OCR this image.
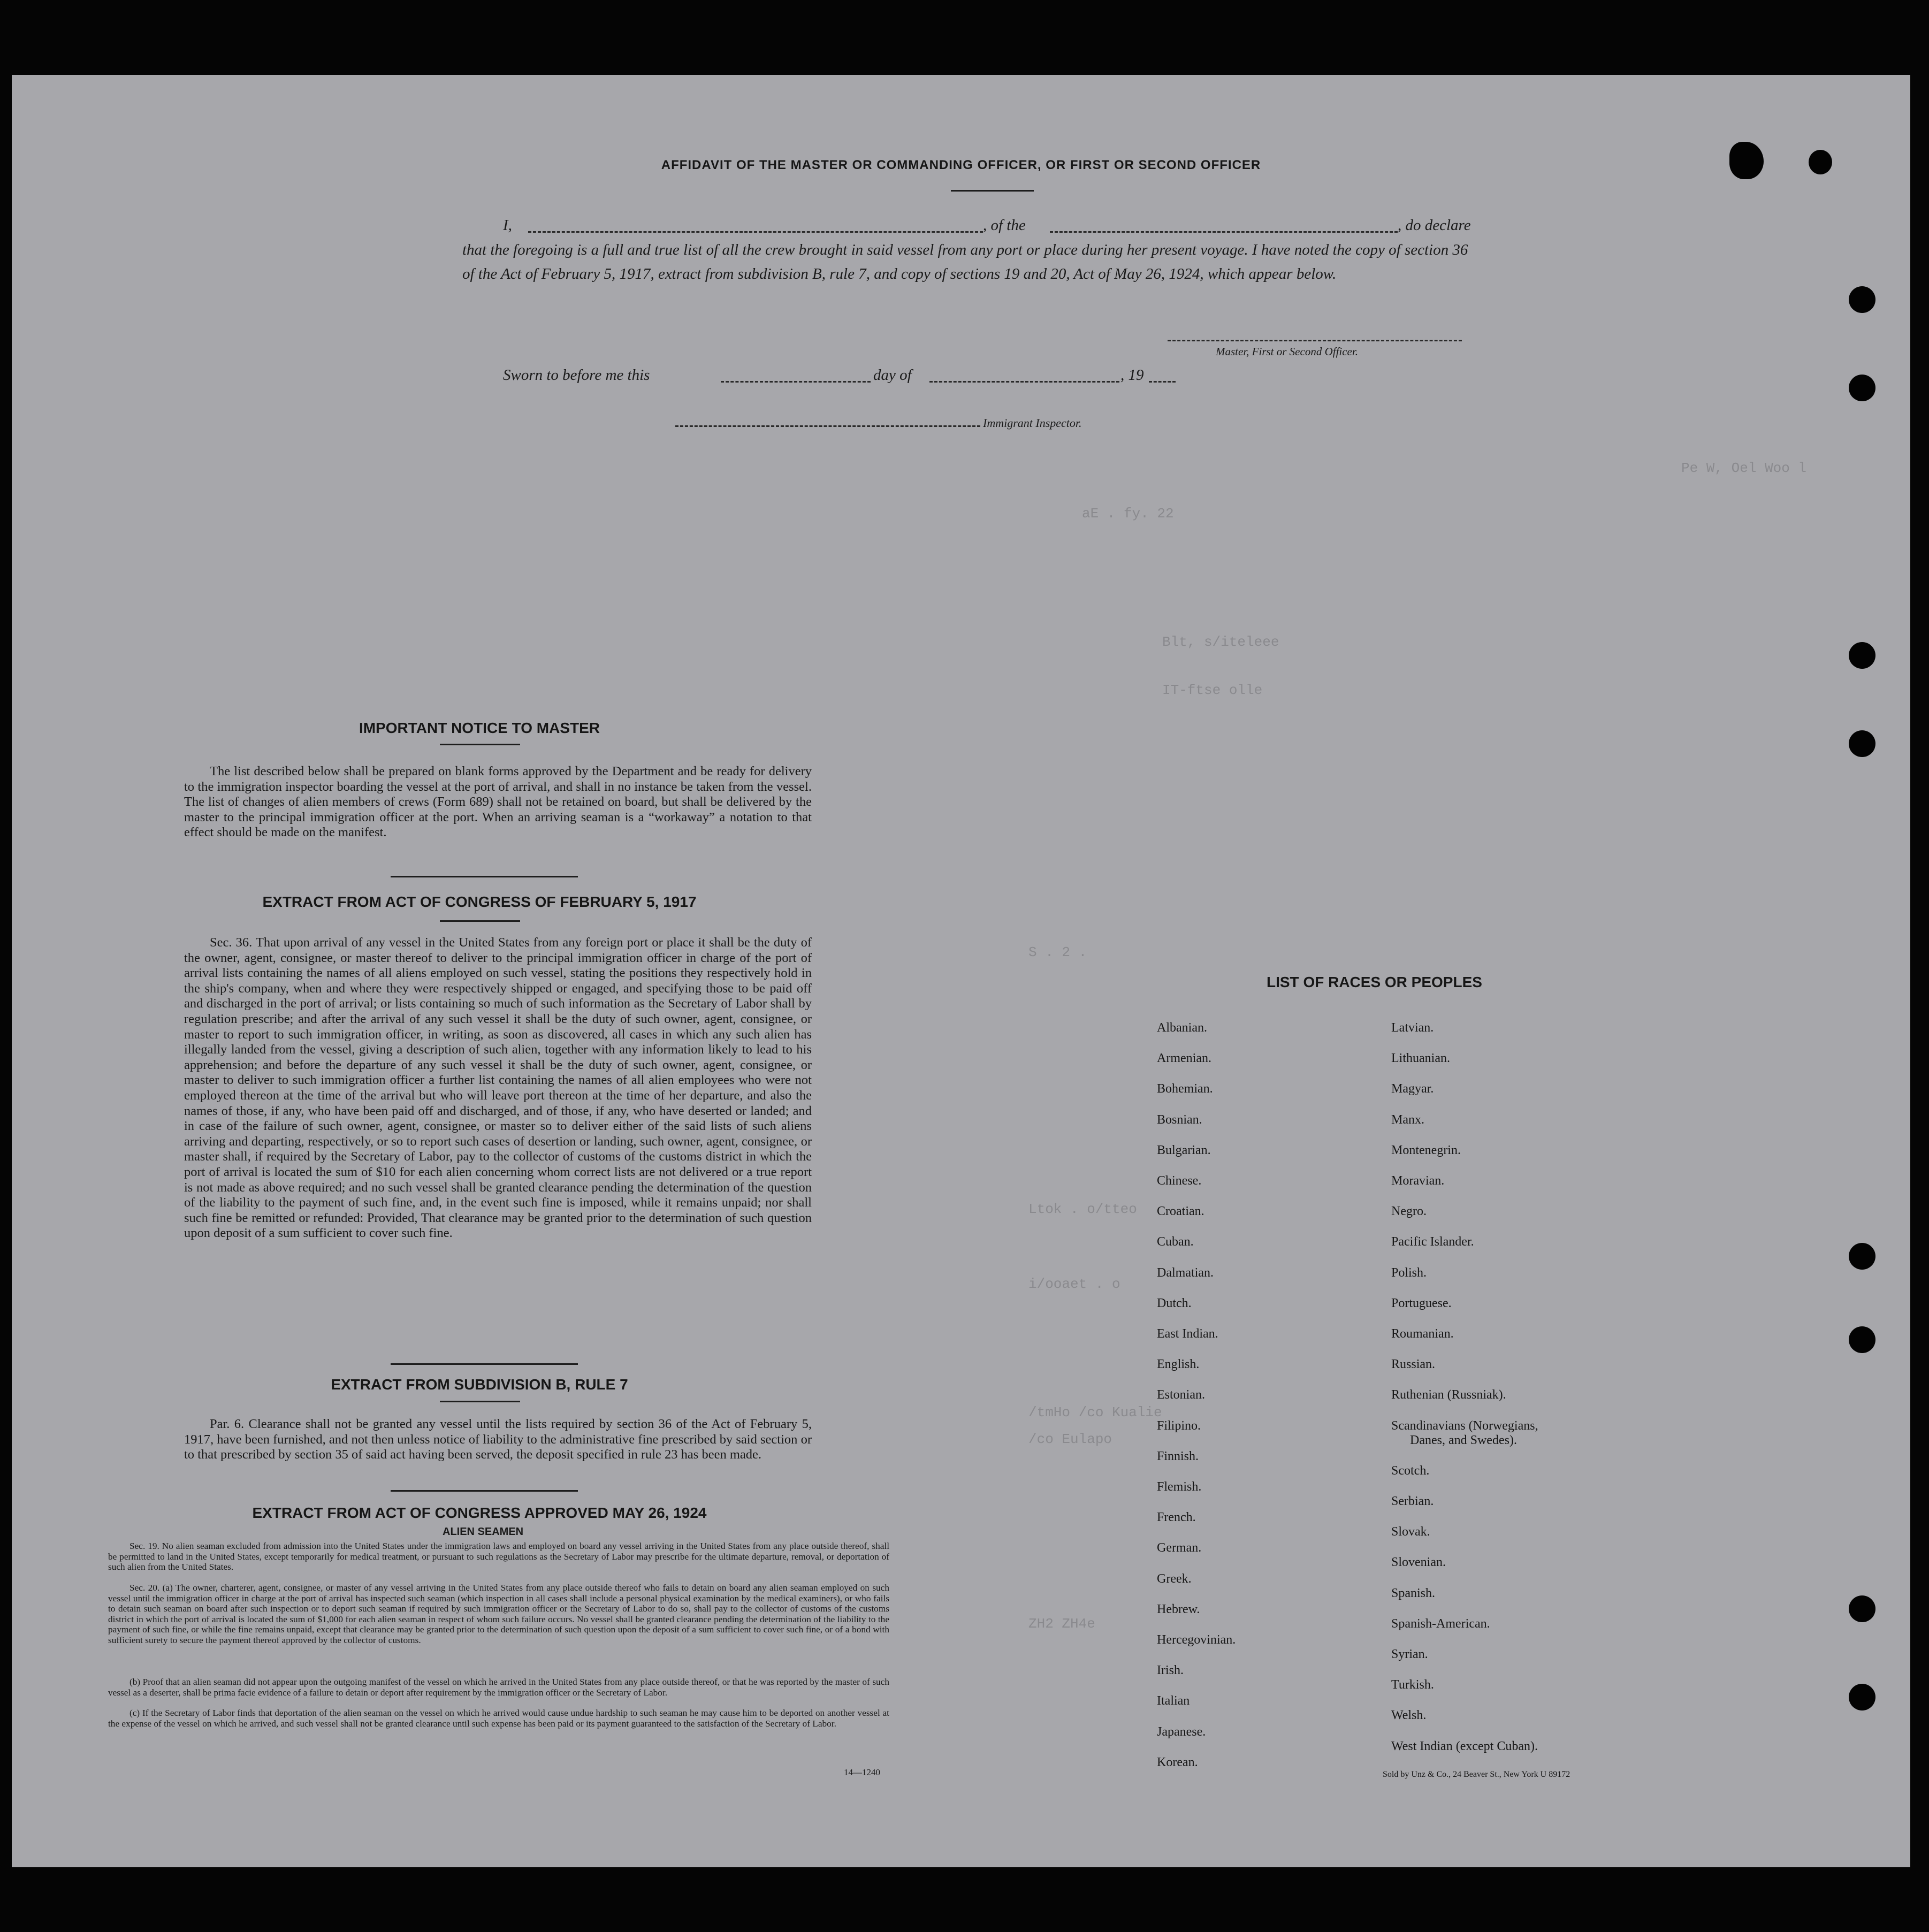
Pe W, Oel Woo l
aE . fy. 22
Blt, s/iteleee
IT-ftse olle
S . 2 .
Ltok . o/tteo
i/ooaet . o
/tmHo /co Kualie
/co Eulapo
ZH2 ZH4e
AFFIDAVIT OF THE MASTER OR COMMANDING OFFICER, OR FIRST OR SECOND OFFICER
I,	, of the	, do declare
that the foregoing is a full and true list of all the crew brought in said vessel from any port or place during her present voyage. I have noted the copy of section 36 of the Act of February 5, 1917, extract from subdivision B, rule 7, and copy of sections 19 and 20, Act of May 26, 1924, which appear below.
Master, First or Second Officer.
Sworn to before me this	day of	, 19
Immigrant Inspector.
IMPORTANT NOTICE TO MASTER
The list described below shall be prepared on blank forms approved by the Department and be ready for delivery to the immigration inspector boarding the vessel at the port of arrival, and shall in no instance be taken from the vessel. The list of changes of alien members of crews (Form 689) shall not be retained on board, but shall be delivered by the master to the principal immigration officer at the port. When an arriving seaman is a “workaway” a notation to that effect should be made on the manifest.
EXTRACT FROM ACT OF CONGRESS OF FEBRUARY 5, 1917
Sec. 36. That upon arrival of any vessel in the United States from any foreign port or place it shall be the duty of the owner, agent, consignee, or master thereof to deliver to the principal immigration officer in charge of the port of arrival lists containing the names of all aliens employed on such vessel, stating the positions they respectively hold in the ship's company, when and where they were respectively shipped or engaged, and specifying those to be paid off and discharged in the port of arrival; or lists containing so much of such information as the Secretary of Labor shall by regulation prescribe; and after the arrival of any such vessel it shall be the duty of such owner, agent, consignee, or master to report to such immigration officer, in writing, as soon as discovered, all cases in which any such alien has illegally landed from the vessel, giving a description of such alien, together with any information likely to lead to his apprehension; and before the departure of any such vessel it shall be the duty of such owner, agent, consignee, or master to deliver to such immigration officer a further list containing the names of all alien employees who were not employed thereon at the time of the arrival but who will leave port thereon at the time of her departure, and also the names of those, if any, who have been paid off and discharged, and of those, if any, who have deserted or landed; and in case of the failure of such owner, agent, consignee, or master so to deliver either of the said lists of such aliens arriving and departing, respectively, or so to report such cases of desertion or landing, such owner, agent, consignee, or master shall, if required by the Secretary of Labor, pay to the collector of customs of the customs district in which the port of arrival is located the sum of $10 for each alien concerning whom correct lists are not delivered or a true report is not made as above required; and no such vessel shall be granted clearance pending the determination of the question of the liability to the payment of such fine, and, in the event such fine is imposed, while it remains unpaid; nor shall such fine be remitted or refunded: Provided, That clearance may be granted prior to the determination of such question upon deposit of a sum sufficient to cover such fine.
EXTRACT FROM SUBDIVISION B, RULE 7
Par. 6. Clearance shall not be granted any vessel until the lists required by section 36 of the Act of February 5, 1917, have been furnished, and not then unless notice of liability to the administrative fine prescribed by said section or to that prescribed by section 35 of said act having been served, the deposit specified in rule 23 has been made.
EXTRACT FROM ACT OF CONGRESS APPROVED MAY 26, 1924
ALIEN SEAMEN
Sec. 19. No alien seaman excluded from admission into the United States under the immigration laws and employed on board any vessel arriving in the United States from any place outside thereof, shall be permitted to land in the United States, except temporarily for medical treatment, or pursuant to such regulations as the Secretary of Labor may prescribe for the ultimate departure, removal, or deportation of such alien from the United States.
Sec. 20. (a) The owner, charterer, agent, consignee, or master of any vessel arriving in the United States from any place outside thereof who fails to detain on board any alien seaman employed on such vessel until the immigration officer in charge at the port of arrival has inspected such seaman (which inspection in all cases shall include a personal physical examination by the medical examiners), or who fails to detain such seaman on board after such inspection or to deport such seaman if required by such immigration officer or the Secretary of Labor to do so, shall pay to the collector of customs of the customs district in which the port of arrival is located the sum of $1,000 for each alien seaman in respect of whom such failure occurs. No vessel shall be granted clearance pending the determination of the liability to the payment of such fine, or while the fine remains unpaid, except that clearance may be granted prior to the determination of such question upon the deposit of a sum sufficient to cover such fine, or of a bond with sufficient surety to secure the payment thereof approved by the collector of customs.
(b) Proof that an alien seaman did not appear upon the outgoing manifest of the vessel on which he arrived in the United States from any place outside thereof, or that he was reported by the master of such vessel as a deserter, shall be prima facie evidence of a failure to detain or deport after requirement by the immigration officer or the Secretary of Labor.
(c) If the Secretary of Labor finds that deportation of the alien seaman on the vessel on which he arrived would cause undue hardship to such seaman he may cause him to be deported on another vessel at the expense of the vessel on which he arrived, and such vessel shall not be granted clearance until such expense has been paid or its payment guaranteed to the satisfaction of the Secretary of Labor.
14—1240
LIST OF RACES OR PEOPLES
Albanian.
Armenian.
Bohemian.
Bosnian.
Bulgarian.
Chinese.
Croatian.
Cuban.
Dalmatian.
Dutch.
East Indian.
English.
Estonian.
Filipino.
Finnish.
Flemish.
French.
German.
Greek.
Hebrew.
Hercegovinian.
Irish.
Italian
Japanese.
Korean.
Latvian.
Lithuanian.
Magyar.
Manx.
Montenegrin.
Moravian.
Negro.
Pacific Islander.
Polish.
Portuguese.
Roumanian.
Russian.
Ruthenian (Russniak).
Scandinavians (Norwegians,
Danes, and Swedes).
Scotch.
Serbian.
Slovak.
Slovenian.
Spanish.
Spanish-American.
Syrian.
Turkish.
Welsh.
West Indian (except Cuban).
Sold by Unz & Co., 24 Beaver St., New York U 89172
